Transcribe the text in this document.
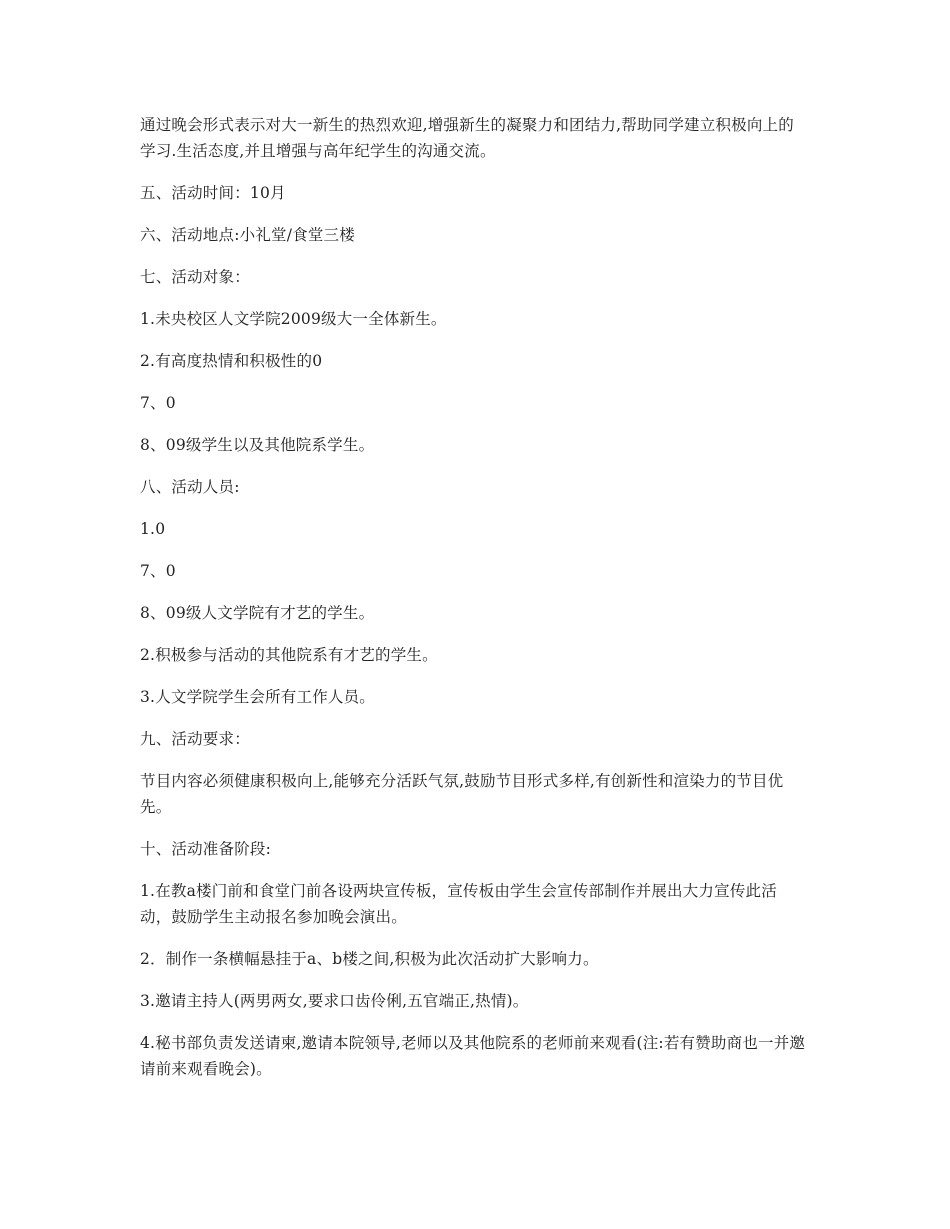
通过晚会形式表示对大一新生的热烈欢迎,增强新生的凝聚力和团结力,帮助同学建立积极向上的学习.生活态度,并且增强与高年纪学生的沟通交流。

五、活动时间：10月

六、活动地点:小礼堂/食堂三楼

七、活动对象：

1.未央校区人文学院2009级大一全体新生。

2.有高度热情和积极性的0

7、0

8、09级学生以及其他院系学生。

八、活动人员:

1.0

7、0

8、09级人文学院有才艺的学生。

2.积极参与活动的其他院系有才艺的学生。

3.人文学院学生会所有工作人员。

九、活动要求：

节目内容必须健康积极向上,能够充分活跃气氛,鼓励节目形式多样,有创新性和渲染力的节目优先。

十、活动准备阶段:

1.在教a楼门前和食堂门前各设两块宣传板，宣传板由学生会宣传部制作并展出大力宣传此活动，鼓励学生主动报名参加晚会演出。

2．制作一条横幅悬挂于a、b楼之间,积极为此次活动扩大影响力。

3.邀请主持人(两男两女,要求口齿伶俐,五官端正,热情)。

4.秘书部负责发送请柬,邀请本院领导,老师以及其他院系的老师前来观看(注:若有赞助商也一并邀请前来观看晚会)。
